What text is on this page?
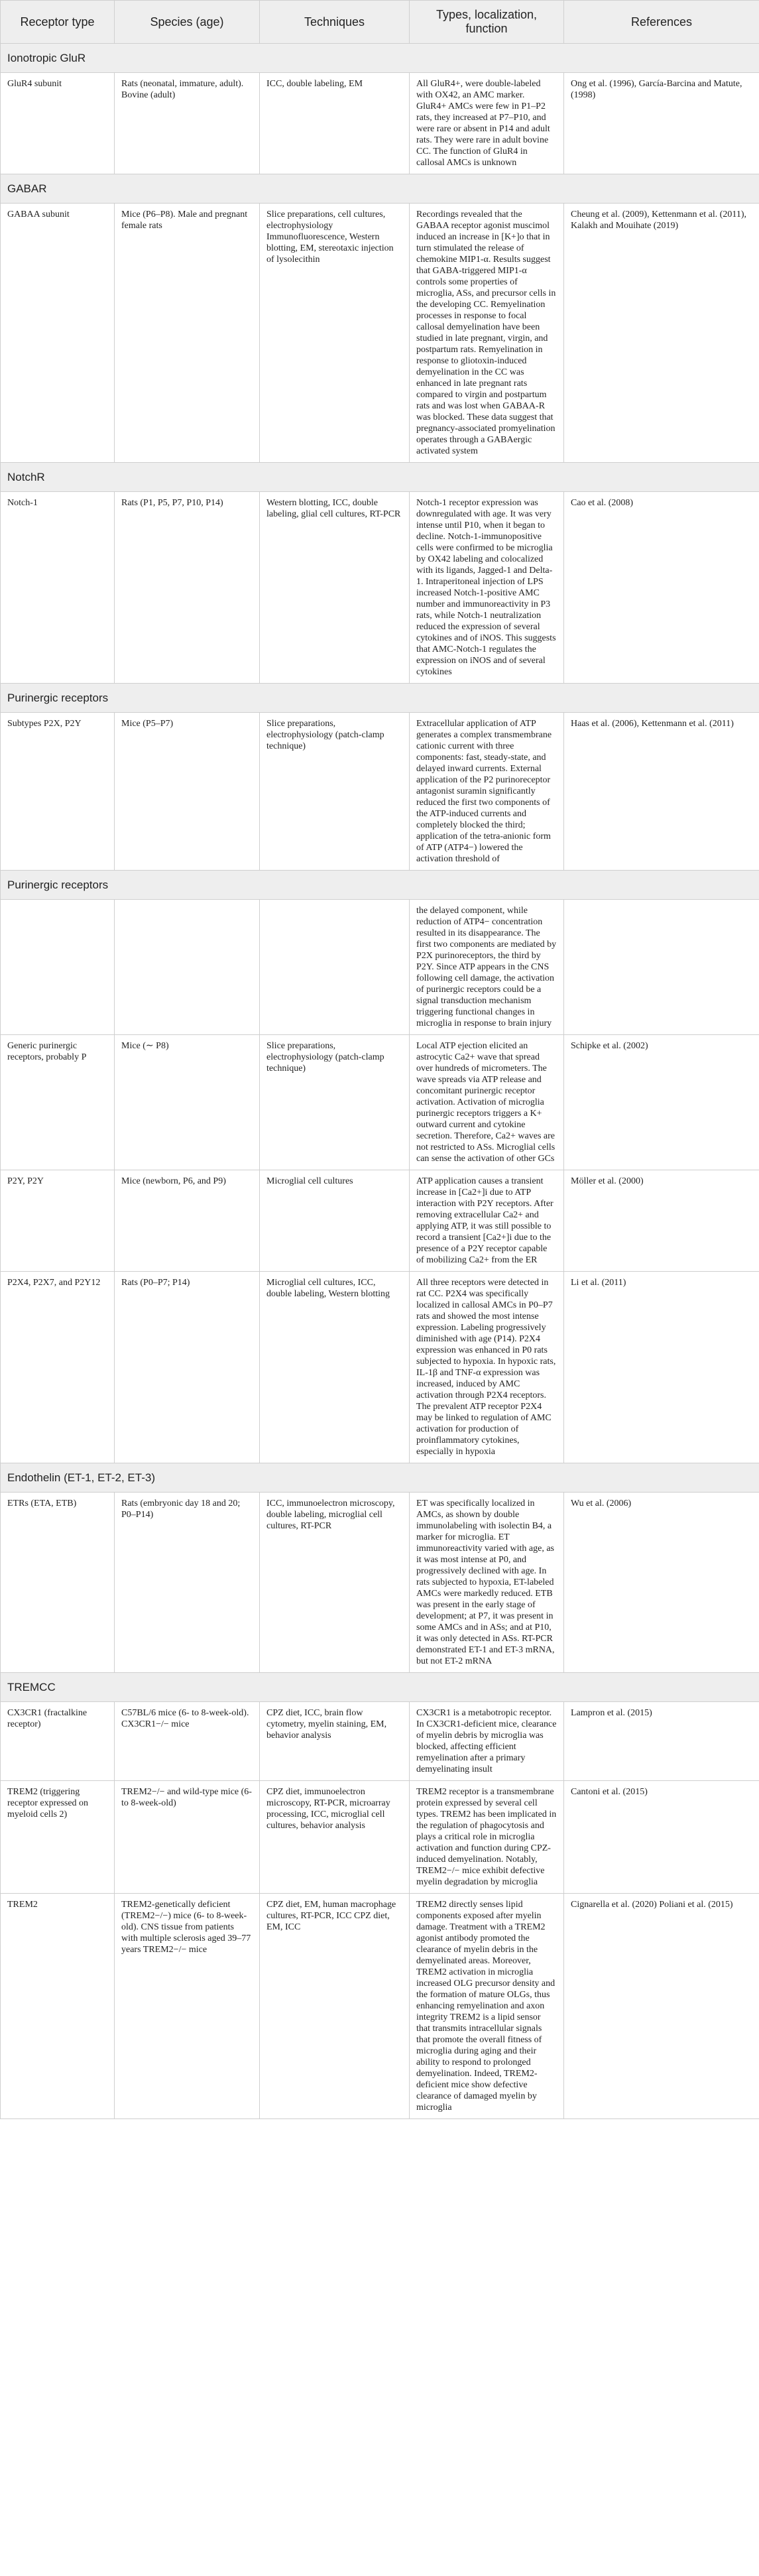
Receptor type	Species (age)	Techniques	Types, localization, function	References
Ionotropic GluR				
GluR4 subunit	Rats (neonatal, immature, adult). Bovine (adult)	ICC, double labeling, EM	All GluR4+, were double-labeled with OX42, an AMC marker. GluR4+ AMCs were few in P1–P2 rats, they increased at P7–P10, and were rare or absent in P14 and adult rats. They were rare in adult bovine CC. The function of GluR4 in callosal AMCs is unknown	Ong et al. (1996), García-Barcina and Matute, (1998)
GABAR				
GABAA subunit	Mice (P6–P8). Male and pregnant female rats	Slice preparations, cell cultures, electrophysiology Immunofluorescence, Western blotting, EM, stereotaxic injection of lysolecithin	Recordings revealed that the GABAA receptor agonist muscimol induced an increase in [K+]o that in turn stimulated the release of chemokine MIP1-α. Results suggest that GABA-triggered MIP1-α controls some properties of microglia, ASs, and precursor cells in the developing CC. Remyelination processes in response to focal callosal demyelination have been studied in late pregnant, virgin, and postpartum rats. Remyelination in response to gliotoxin-induced demyelination in the CC was enhanced in late pregnant rats compared to virgin and postpartum rats and was lost when GABAA-R was blocked. These data suggest that pregnancy-associated promyelination operates through a GABAergic activated system	Cheung et al. (2009), Kettenmann et al. (2011), Kalakh and Mouihate (2019)
NotchR				
Notch-1	Rats (P1, P5, P7, P10, P14)	Western blotting, ICC, double labeling, glial cell cultures, RT-PCR	Notch-1 receptor expression was downregulated with age. It was very intense until P10, when it began to decline. Notch-1-immunopositive cells were confirmed to be microglia by OX42 labeling and colocalized with its ligands, Jagged-1 and Delta-1. Intraperitoneal injection of LPS increased Notch-1-positive AMC number and immunoreactivity in P3 rats, while Notch-1 neutralization reduced the expression of several cytokines and of iNOS. This suggests that AMC-Notch-1 regulates the expression on iNOS and of several cytokines	Cao et al. (2008)
Purinergic receptors				
Subtypes P2X, P2Y	Mice (P5–P7)	Slice preparations, electrophysiology (patch-clamp technique)	Extracellular application of ATP generates a complex transmembrane cationic current with three components: fast, steady-state, and delayed inward currents. External application of the P2 purinoreceptor antagonist suramin significantly reduced the first two components of the ATP-induced currents and completely blocked the third; application of the tetra-anionic form of ATP (ATP4−) lowered the activation threshold of	Haas et al. (2006), Kettenmann et al. (2011)
Purinergic receptors				
			the delayed component, while reduction of ATP4− concentration resulted in its disappearance. The first two components are mediated by P2X purinoreceptors, the third by P2Y. Since ATP appears in the CNS following cell damage, the activation of purinergic receptors could be a signal transduction mechanism triggering functional changes in microglia in response to brain injury	
Generic purinergic receptors, probably P	Mice (∼ P8)	Slice preparations, electrophysiology (patch-clamp technique)	Local ATP ejection elicited an astrocytic Ca2+ wave that spread over hundreds of micrometers. The wave spreads via ATP release and concomitant purinergic receptor activation. Activation of microglia purinergic receptors triggers a K+ outward current and cytokine secretion. Therefore, Ca2+ waves are not restricted to ASs. Microglial cells can sense the activation of other GCs	Schipke et al. (2002)
P2Y, P2Y	Mice (newborn, P6, and P9)	Microglial cell cultures	ATP application causes a transient increase in [Ca2+]i due to ATP interaction with P2Y receptors. After removing extracellular Ca2+ and applying ATP, it was still possible to record a transient [Ca2+]i due to the presence of a P2Y receptor capable of mobilizing Ca2+ from the ER	Möller et al. (2000)
P2X4, P2X7, and P2Y12	Rats (P0–P7; P14)	Microglial cell cultures, ICC, double labeling, Western blotting	All three receptors were detected in rat CC. P2X4 was specifically localized in callosal AMCs in P0–P7 rats and showed the most intense expression. Labeling progressively diminished with age (P14). P2X4 expression was enhanced in P0 rats subjected to hypoxia. In hypoxic rats, IL-1β and TNF-α expression was increased, induced by AMC activation through P2X4 receptors. The prevalent ATP receptor P2X4 may be linked to regulation of AMC activation for production of proinflammatory cytokines, especially in hypoxia	Li et al. (2011)
Endothelin (ET-1, ET-2, ET-3)				
ETRs (ETA, ETB)	Rats (embryonic day 18 and 20; P0–P14)	ICC, immunoelectron microscopy, double labeling, microglial cell cultures, RT-PCR	ET was specifically localized in AMCs, as shown by double immunolabeling with isolectin B4, a marker for microglia. ET immunoreactivity varied with age, as it was most intense at P0, and progressively declined with age. In rats subjected to hypoxia, ET-labeled AMCs were markedly reduced. ETB was present in the early stage of development; at P7, it was present in some AMCs and in ASs; and at P10, it was only detected in ASs. RT-PCR demonstrated ET-1 and ET-3 mRNA, but not ET-2 mRNA	Wu et al. (2006)
TREMCC				
CX3CR1 (fractalkine receptor)	C57BL/6 mice (6- to 8-week-old). CX3CR1−/− mice	CPZ diet, ICC, brain flow cytometry, myelin staining, EM, behavior analysis	CX3CR1 is a metabotropic receptor. In CX3CR1-deficient mice, clearance of myelin debris by microglia was blocked, affecting efficient remyelination after a primary demyelinating insult	Lampron et al. (2015)
TREM2 (triggering receptor expressed on myeloid cells 2)	TREM2−/− and wild-type mice (6- to 8-week-old)	CPZ diet, immunoelectron microscopy, RT-PCR, microarray processing, ICC, microglial cell cultures, behavior analysis	TREM2 receptor is a transmembrane protein expressed by several cell types. TREM2 has been implicated in the regulation of phagocytosis and plays a critical role in microglia activation and function during CPZ-induced demyelination. Notably, TREM2−/− mice exhibit defective myelin degradation by microglia	Cantoni et al. (2015)
TREM2	TREM2-genetically deficient (TREM2−/−) mice (6- to 8-week-old). CNS tissue from patients with multiple sclerosis aged 39–77 years TREM2−/− mice	CPZ diet, EM, human macrophage cultures, RT-PCR, ICC CPZ diet, EM, ICC	TREM2 directly senses lipid components exposed after myelin damage. Treatment with a TREM2 agonist antibody promoted the clearance of myelin debris in the demyelinated areas. Moreover, TREM2 activation in microglia increased OLG precursor density and the formation of mature OLGs, thus enhancing remyelination and axon integrity TREM2 is a lipid sensor that transmits intracellular signals that promote the overall fitness of microglia during aging and their ability to respond to prolonged demyelination. Indeed, TREM2-deficient mice show defective clearance of damaged myelin by microglia	Cignarella et al. (2020) Poliani et al. (2015)
